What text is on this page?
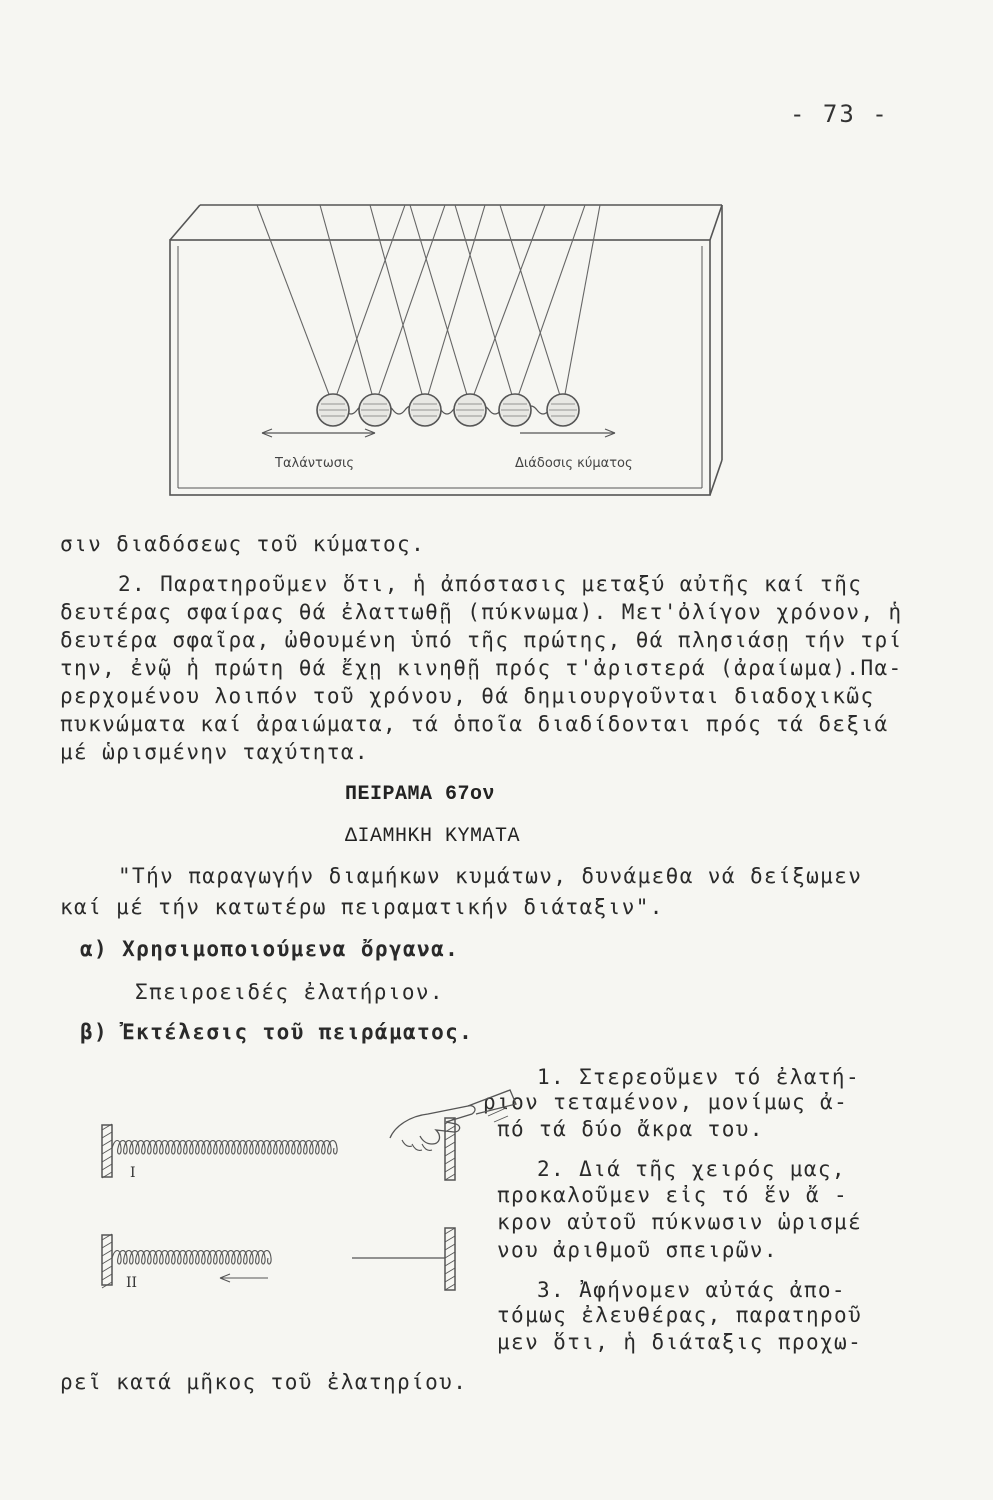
- 73 -
Ταλάντωσις	Διάδοσις κύματος
σιν διαδόσεως τοῦ κύματος.
2. Παρατηροῦμεν ὅτι, ἡ ἀπόστασις μεταξύ αὐτῆς καί τῆς
δευτέρας σφαίρας θά ἐλαττωθῇ (πύκνωμα). Μετ'ὀλίγον χρόνον, ἡ
δευτέρα σφαῖρα, ὠθουμένη ὑπό τῆς πρώτης, θά πλησιάσῃ τήν τρί
την, ἐνῷ ἡ πρώτη θά ἔχῃ κινηθῇ πρός τ'ἀριστερά (ἀραίωμα).Πα-
ρερχομένου λοιπόν τοῦ χρόνου, θά δημιουργοῦνται διαδοχικῶς
πυκνώματα καί ἀραιώματα, τά ὁποῖα διαδίδονται πρός τά δεξιά
μέ ὡρισμένην ταχύτητα.
ΠΕΙΡΑΜΑ 67ον
ΔΙΑΜΗΚΗ ΚΥΜΑΤΑ
"Τήν παραγωγήν διαμήκων κυμάτων, δυνάμεθα νά δείξωμεν
καί μέ τήν κατωτέρω πειραματικήν διάταξιν".
α) Χρησιμοποιούμενα ὄργανα.
Σπειροειδές ἐλατήριον.
β) Ἐκτέλεσις τοῦ πειράματος.
1. Στερεοῦμεν τό ἐλατή-
ριον τεταμένον, μονίμως ἀ-
πό τά δύο ἄκρα του.
2. Διά τῆς χειρός μας,
προκαλοῦμεν εἰς τό ἕν ἄ -
κρον αὐτοῦ πύκνωσιν ὡρισμέ
νου ἀριθμοῦ σπειρῶν.
3. Ἀφήνομεν αὐτάς ἀπο-
τόμως ἐλευθέρας, παρατηροῦ
μεν ὅτι, ἡ διάταξις προχω-
ρεῖ κατά μῆκος τοῦ ἐλατηρίου.
I
II
